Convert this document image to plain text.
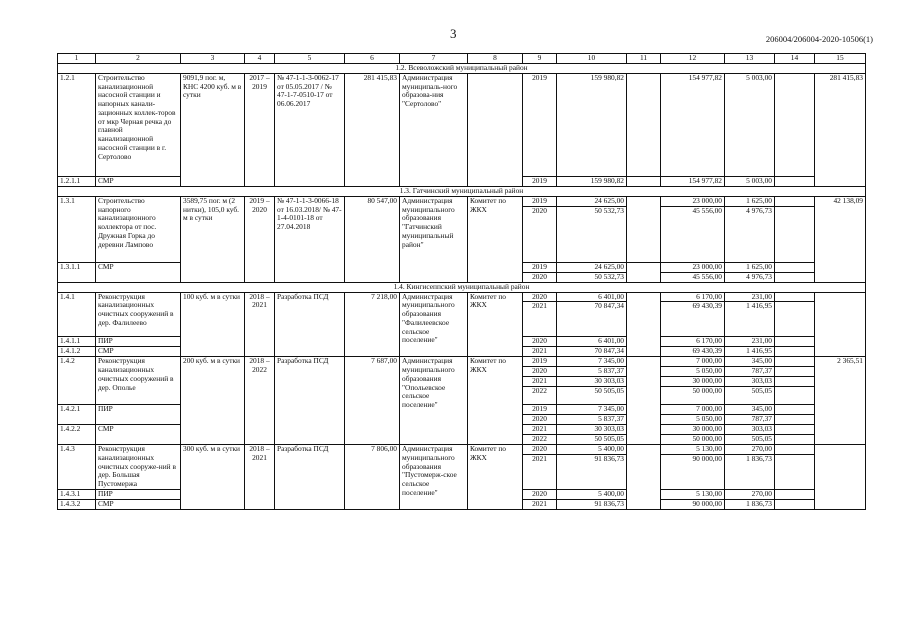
3	206004/206004-2020-10506(1)
1	2	3	4	5	6	7	8	9	10	11	12	13	14	15
1.2. Всеволожский муниципальный район														
1.2.1	Строительство канализационной насосной станции и напорных канали-зационных коллек-торов от мкр Черная речка до главной канализационной насосной станции в г. Сертолово	9091,9 пог. м, КНС 4200 куб. м в сутки	2017 – 2019	№ 47-1-1-3-0062-17 от 05.05.2017 / № 47-1-7-0510-17 от 06.06.2017	281 415,83	Администрация муниципаль-ного образова-ния "Сертолово"		2019	159 980,82		154 977,82	5 003,00		281 415,83
1.2.1.1	СМР							2019	159 980,82		154 977,82	5 003,00		
1.3. Гатчинский муниципальный район														
1.3.1	Строительство напорного канализационного коллектора от пос. Дружная Горка до деревни Лампово	3589,75 пог. м (2 нитки), 105,0 куб. м в сутки	2019 – 2020	№ 47-1-1-3-0066-18 от 16.03.2018/ № 47-1-4-0101-18 от 27.04.2018	80 547,00	Администрация муниципального образования "Гатчинский муниципальный район"	Комитет по ЖКХ	2019	24 625,00		23 000,00	1 625,00		42 138,09
								2020	50 532,73		45 556,00	4 976,73		
1.3.1.1	СМР							2019	24 625,00		23 000,00	1 625,00		
								2020	50 532,73		45 556,00	4 976,73		
1.4. Кингисеппский муниципальный район														
1.4.1	Реконструкция канализационных очистных сооружений в дер. Фалилеево	100 куб. м в сутки	2018 – 2021	Разработка ПСД	7 218,00	Администрация муниципального образования "Фалилеевское сельское поселение"	Комитет по ЖКХ	2020	6 401,00		6 170,00	231,00		
								2021	70 847,34		69 430,39	1 416,95		
1.4.1.1	ПИР							2020	6 401,00		6 170,00	231,00		
1.4.1.2	СМР							2021	70 847,34		69 430,39	1 416,95		
1.4.2	Реконструкция канализационных очистных сооружений в дер. Ополье	200 куб. м в сутки	2018 – 2022	Разработка ПСД	7 687,00	Администрация муниципального образования "Опольевское сельское поселение"	Комитет по ЖКХ	2019	7 345,00		7 000,00	345,00		2 365,51
								2020	5 837,37		5 050,00	787,37		
								2021	30 303,03		30 000,00	303,03		
								2022	50 505,05		50 000,00	505,05		
1.4.2.1	ПИР							2019	7 345,00		7 000,00	345,00		
								2020	5 837,37		5 050,00	787,37		
1.4.2.2	СМР							2021	30 303,03		30 000,00	303,03		
								2022	50 505,05		50 000,00	505,05		
1.4.3	Реконструкция канализационных очистных сооруже-ний в дер. Большая Пустомержа	300 куб. м в сутки	2018 – 2021	Разработка ПСД	7 806,00	Администрация муниципального образования "Пустомерж-ское сельское поселение"	Комитет по ЖКХ	2020	5 400,00		5 130,00	270,00		
								2021	91 836,73		90 000,00	1 836,73		
1.4.3.1	ПИР							2020	5 400,00		5 130,00	270,00		
1.4.3.2	СМР							2021	91 836,73		90 000,00	1 836,73		
